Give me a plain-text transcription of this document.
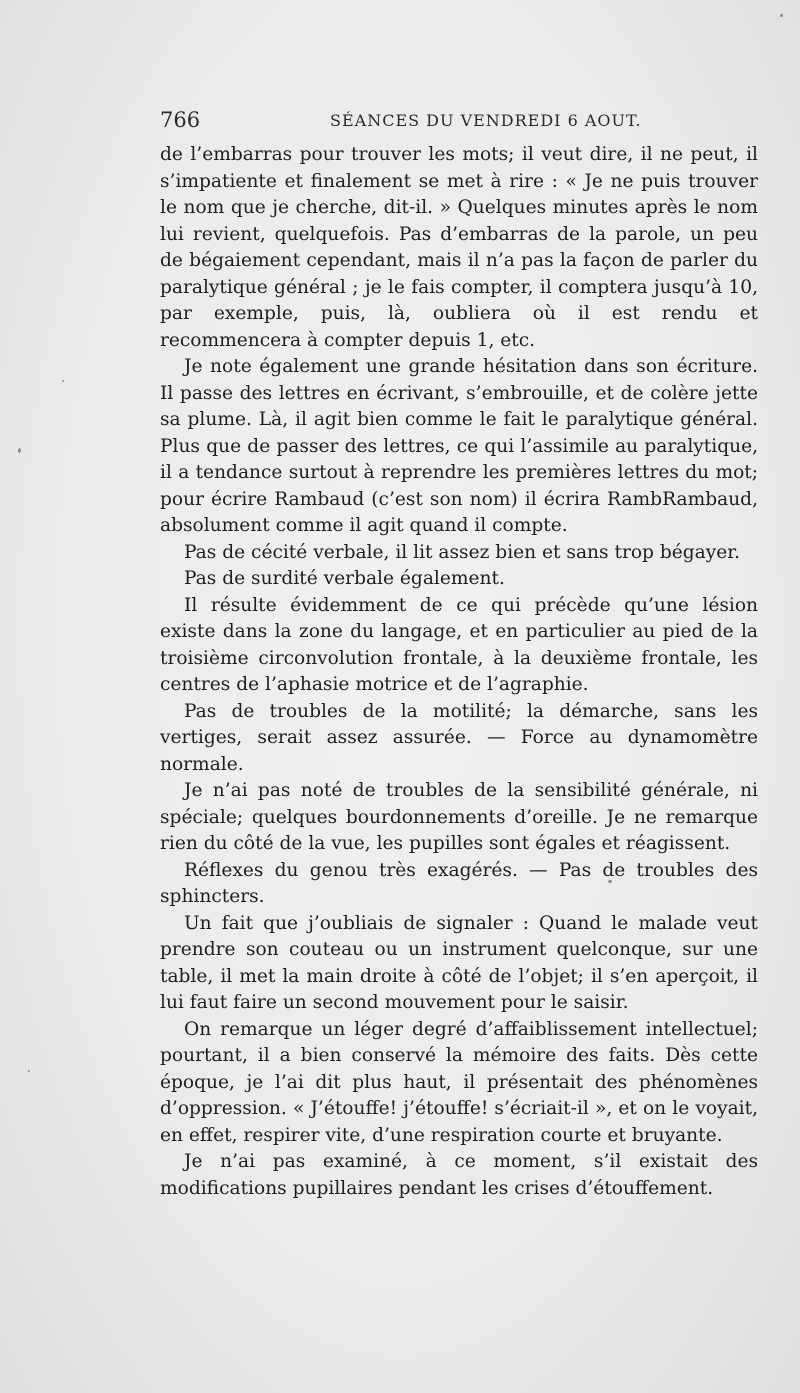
766	SÉANCES DU VENDREDI 6 AOUT.

de l’embarras pour trouver les mots; il veut dire, il ne peut, il s’impatiente et finalement se met à rire : « Je ne puis trouver le nom que je cherche, dit-il. » Quelques minutes après le nom lui revient, quelquefois. Pas d’embarras de la parole, un peu de bégaiement cependant, mais il n’a pas la façon de parler du paralytique général ; je le fais compter, il comptera jusqu’à 10, par exemple, puis, là, oubliera où il est rendu et recommencera à compter depuis 1, etc.

Je note également une grande hésitation dans son écriture. Il passe des lettres en écrivant, s’embrouille, et de colère jette sa plume. Là, il agit bien comme le fait le paralytique général. Plus que de passer des lettres, ce qui l’assimile au paralytique, il a tendance surtout à reprendre les premières lettres du mot; pour écrire Rambaud (c’est son nom) il écrira RambRambaud, absolument comme il agit quand il compte.

Pas de cécité verbale, il lit assez bien et sans trop bégayer.

Pas de surdité verbale également.

Il résulte évidemment de ce qui précède qu’une lésion existe dans la zone du langage, et en particulier au pied de la troisième circonvolution frontale, à la deuxième frontale, les centres de l’aphasie motrice et de l’agraphie.

Pas de troubles de la motilité; la démarche, sans les vertiges, serait assez assurée. — Force au dynamomètre normale.

Je n’ai pas noté de troubles de la sensibilité générale, ni spéciale; quelques bourdonnements d’oreille. Je ne remarque rien du côté de la vue, les pupilles sont égales et réagissent.

Réflexes du genou très exagérés. — Pas de troubles des sphincters.

Un fait que j’oubliais de signaler : Quand le malade veut prendre son couteau ou un instrument quelconque, sur une table, il met la main droite à côté de l’objet; il s’en aperçoit, il lui faut faire un second mouvement pour le saisir.

On remarque un léger degré d’affaiblissement intellectuel; pourtant, il a bien conservé la mémoire des faits. Dès cette époque, je l’ai dit plus haut, il présentait des phénomènes d’oppression. « J’étouffe! j’étouffe! s’écriait-il », et on le voyait, en effet, respirer vite, d’une respiration courte et bruyante.

Je n’ai pas examiné, à ce moment, s’il existait des modifications pupillaires pendant les crises d’étouffement.
